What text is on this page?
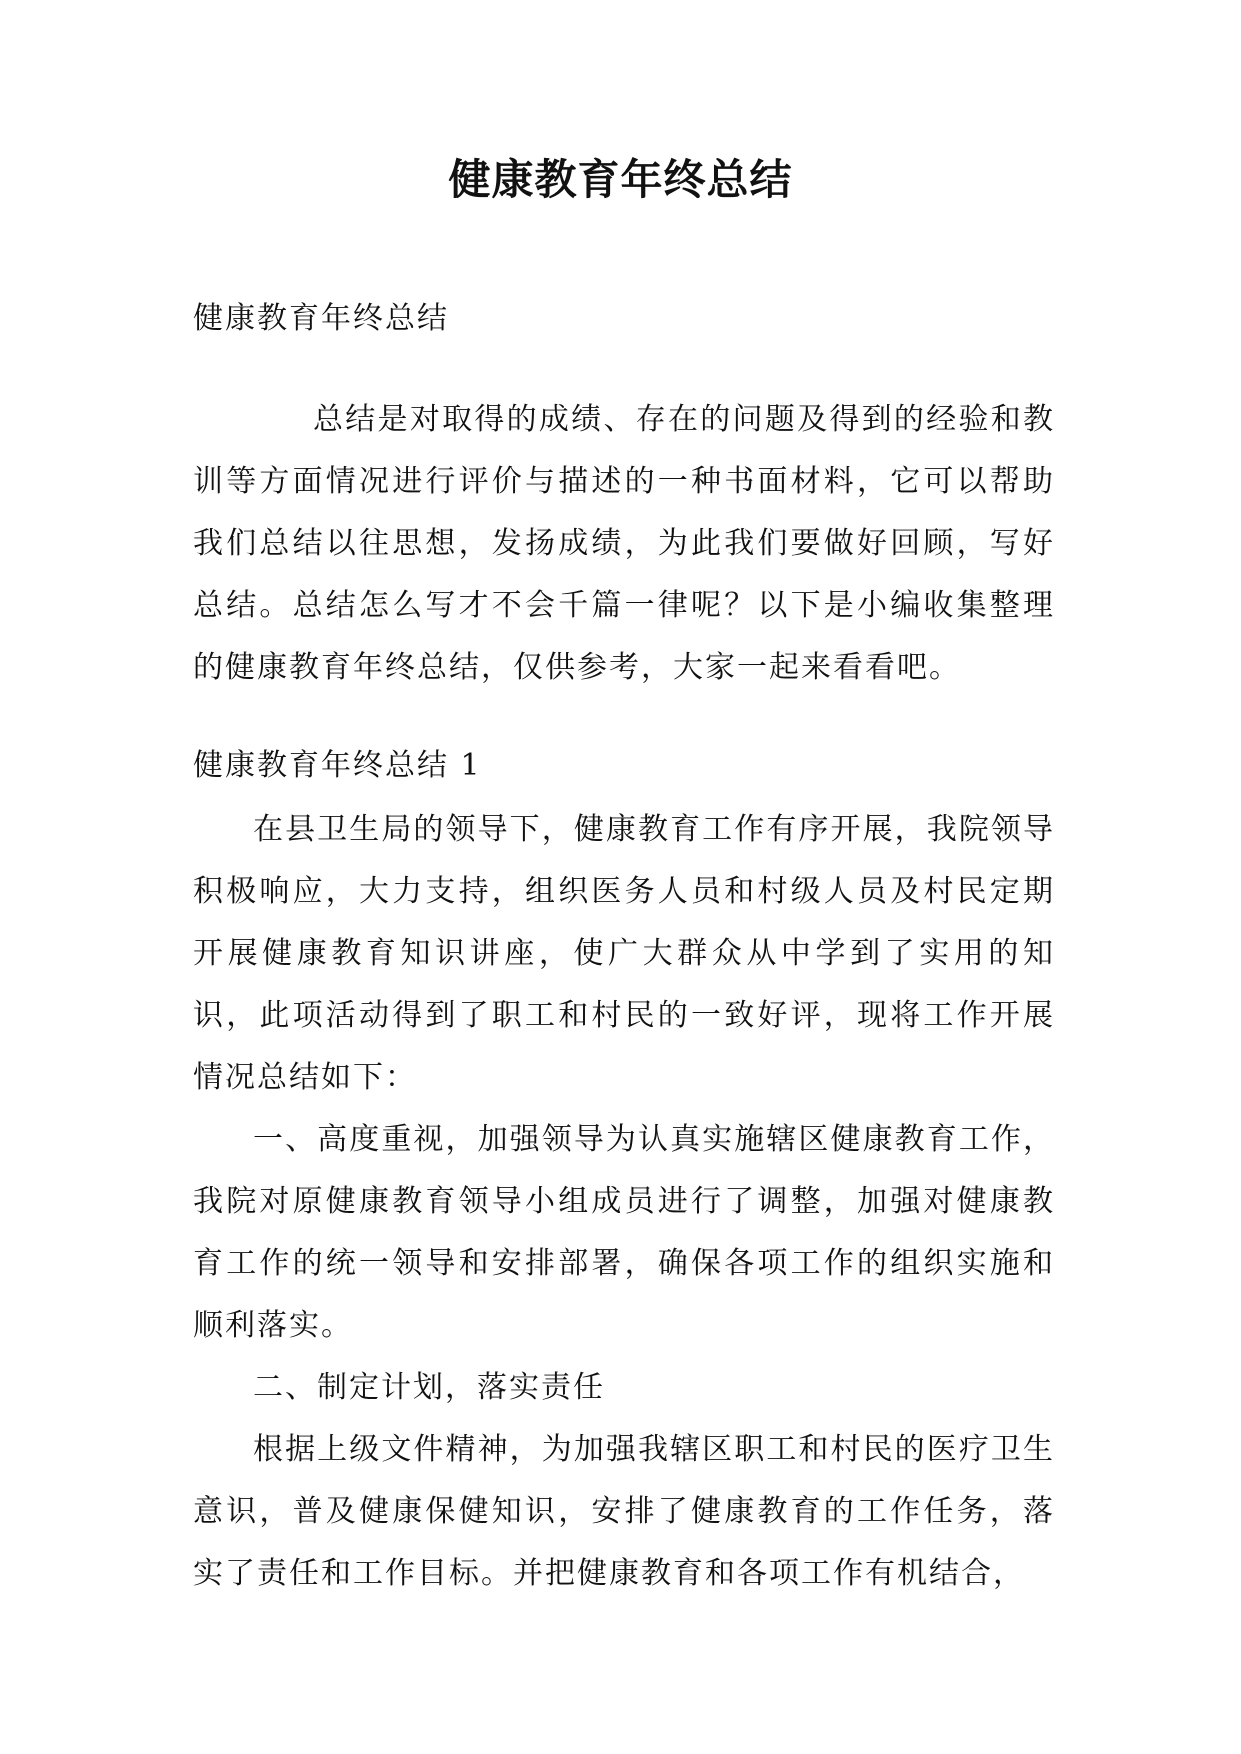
健康教育年终总结

健康教育年终总结

总结是对取得的成绩、存在的问题及得到的经验和教训等方面情况进行评价与描述的一种书面材料，它可以帮助我们总结以往思想，发扬成绩，为此我们要做好回顾，写好总结。总结怎么写才不会千篇一律呢？以下是小编收集整理的健康教育年终总结，仅供参考，大家一起来看看吧。

健康教育年终总结 1

在县卫生局的领导下，健康教育工作有序开展，我院领导积极响应，大力支持，组织医务人员和村级人员及村民定期开展健康教育知识讲座，使广大群众从中学到了实用的知识，此项活动得到了职工和村民的一致好评，现将工作开展情况总结如下：

一、高度重视，加强领导为认真实施辖区健康教育工作，我院对原健康教育领导小组成员进行了调整，加强对健康教育工作的统一领导和安排部署，确保各项工作的组织实施和顺利落实。

二、制定计划，落实责任

根据上级文件精神，为加强我辖区职工和村民的医疗卫生意识，普及健康保健知识，安排了健康教育的工作任务，落实了责任和工作目标。并把健康教育和各项工作有机结合，
